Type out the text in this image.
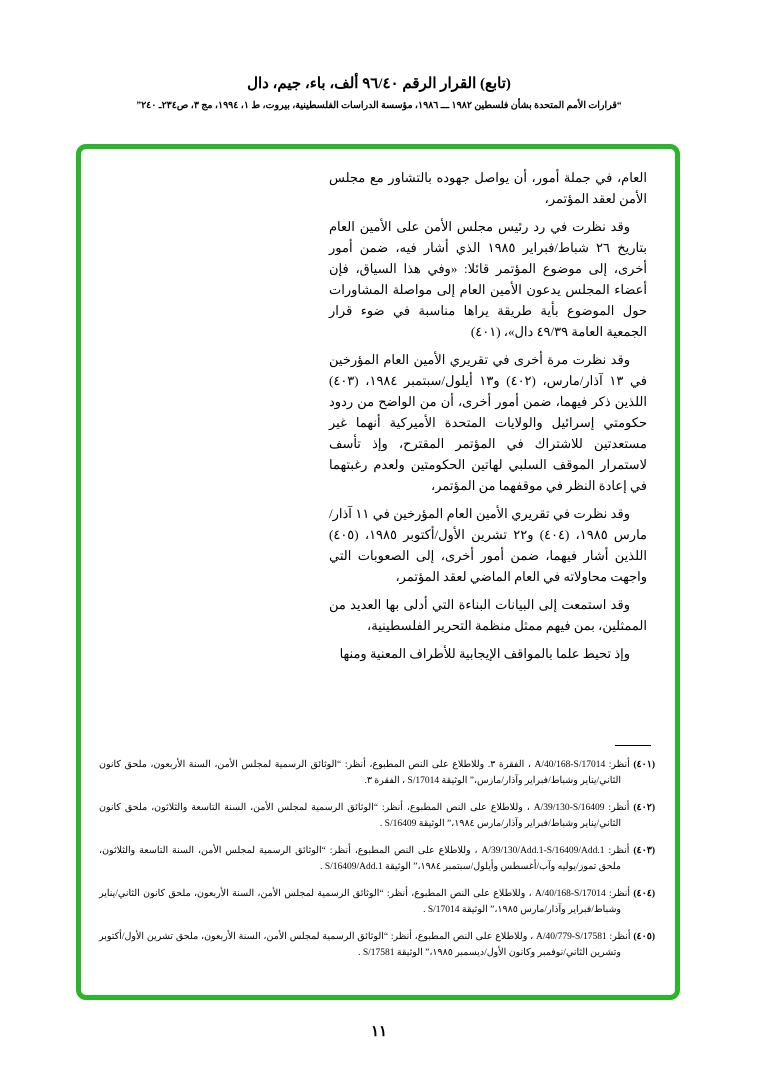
(تابع) القرار الرقم ٩٦/٤٠ ألف، باء، جيم، دال
“قرارات الأمم المتحدة بشأن فلسطين ١٩٨٢ ـــ ١٩٨٦، مؤسسة الدراسات الفلسطينية، بيروت، ط ١، ١٩٩٤، مج ٣، ص٢٣٤ـ ٢٤٠”

العام، في جملة أمور، أن يواصل جهوده بالتشاور مع مجلس الأمن لعقد المؤتمر،

وقد نظرت في رد رئيس مجلس الأمن على الأمين العام بتاريخ ٢٦ شباط/فبراير ١٩٨٥ الذي أشار فيه، ضمن أمور أخرى، إلى موضوع المؤتمر قائلا: «وفي هذا السياق، فإن أعضاء المجلس يدعون الأمين العام إلى مواصلة المشاورات حول الموضوع بأية طريقة يراها مناسبة في ضوء قرار الجمعية العامة ٤٩/٣٩ دال»، (٤٠١)

وقد نظرت مرة أخرى في تقريري الأمين العام المؤرخين في ١٣ آذار/مارس، (٤٠٢) و١٣ أيلول/سبتمبر ١٩٨٤، (٤٠٣) اللذين ذكر فيهما، ضمن أمور أخرى، أن من الواضح من ردود حكومتي إسرائيل والولايات المتحدة الأميركية أنهما غير مستعدتين للاشتراك في المؤتمر المقترح، وإذ تأسف لاستمرار الموقف السلبي لهاتين الحكومتين ولعدم رغبتهما في إعادة النظر في موقفهما من المؤتمر،

وقد نظرت في تقريري الأمين العام المؤرخين في ١١ آذار/مارس ١٩٨٥، (٤٠٤) و٢٢ تشرين الأول/أكتوبر ١٩٨٥، (٤٠٥) اللذين أشار فيهما، ضمن أمور أخرى، إلى الصعوبات التي واجهت محاولاته في العام الماضي لعقد المؤتمر،

وقد استمعت إلى البيانات البناءة التي أدلى بها العديد من الممثلين، بمن فيهم ممثل منظمة التحرير الفلسطينية،

وإذ تحيط علما بالمواقف الإيجابية للأطراف المعنية ومنها

(٤٠١) أنظر: A/40/168-S/17014 ، الفقرة ٣. وللاطلاع على النص المطبوع، أنظر: “الوثائق الرسمية لمجلس الأمن، السنة الأربعون، ملحق كانون الثاني/يناير وشباط/فبراير وآذار/مارس،” الوثيقة S/17014 ، الفقرة ٣.
(٤٠٢) أنظر: A/39/130-S/16409 ، وللاطلاع على النص المطبوع، أنظر: “الوثائق الرسمية لمجلس الأمن، السنة التاسعة والثلاثون، ملحق كانون الثاني/يناير وشباط/فبراير وآذار/مارس ١٩٨٤،” الوثيقة S/16409 .
(٤٠٣) أنظر: A/39/130/Add.1-S/16409/Add.1 ، وللاطلاع على النص المطبوع، أنظر: “الوثائق الرسمية لمجلس الأمن، السنة التاسعة والثلاثون، ملحق تموز/يوليه وآب/أغسطس وأيلول/سبتمبر ١٩٨٤،” الوثيقة S/16409/Add.1 .
(٤٠٤) أنظر: A/40/168-S/17014 ، وللاطلاع على النص المطبوع، أنظر: “الوثائق الرسمية لمجلس الأمن، السنة الأربعون، ملحق كانون الثاني/يناير وشباط/فبراير وآذار/مارس ١٩٨٥،” الوثيقة S/17014 .
(٤٠٥) أنظر: A/40/779-S/17581 ، وللاطلاع على النص المطبوع، أنظر: “الوثائق الرسمية لمجلس الأمن، السنة الأربعون، ملحق تشرين الأول/أكتوبر وتشرين الثاني/نوفمبر وكانون الأول/ديسمبر ١٩٨٥،” الوثيقة S/17581 .
١١
